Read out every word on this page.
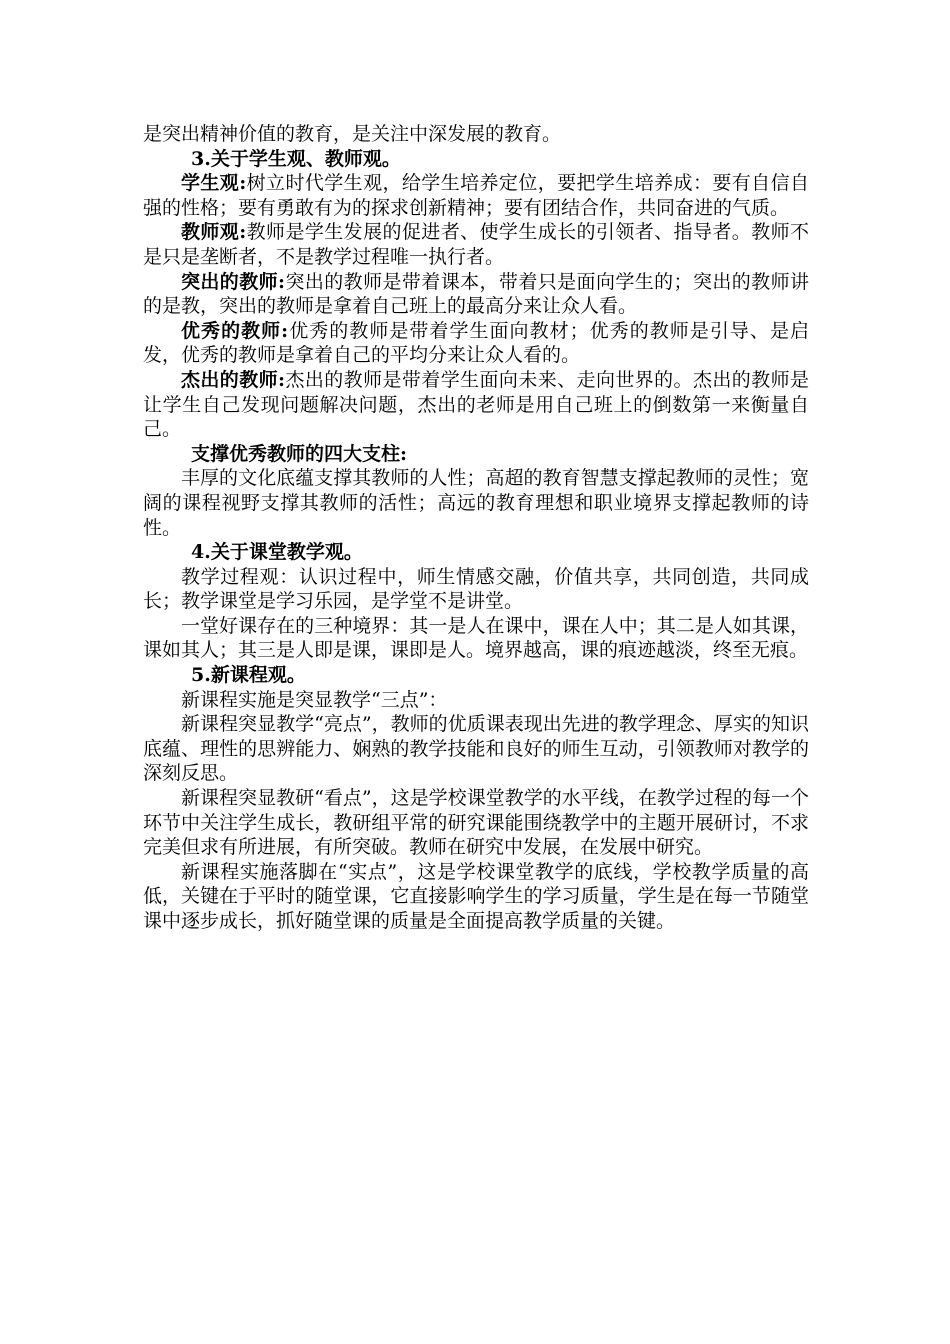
是突出精神价值的教育，是关注中深发展的教育。

3.关于学生观、教师观。

学生观:树立时代学生观，给学生培养定位，要把学生培养成：要有自信自强的性格；要有勇敢有为的探求创新精神；要有团结合作，共同奋进的气质。

教师观:教师是学生发展的促进者、使学生成长的引领者、指导者。教师不是只是垄断者，不是教学过程唯一执行者。

突出的教师:突出的教师是带着课本，带着只是面向学生的；突出的教师讲的是教，突出的教师是拿着自己班上的最高分来让众人看。

优秀的教师:优秀的教师是带着学生面向教材；优秀的教师是引导、是启发，优秀的教师是拿着自己的平均分来让众人看的。

杰出的教师:杰出的教师是带着学生面向未来、走向世界的。杰出的教师是让学生自己发现问题解决问题，杰出的老师是用自己班上的倒数第一来衡量自己。

支撑优秀教师的四大支柱:

丰厚的文化底蕴支撑其教师的人性；高超的教育智慧支撑起教师的灵性；宽阔的课程视野支撑其教师的活性；高远的教育理想和职业境界支撑起教师的诗性。

4.关于课堂教学观。

教学过程观：认识过程中，师生情感交融，价值共享，共同创造，共同成长；教学课堂是学习乐园，是学堂不是讲堂。

一堂好课存在的三种境界：其一是人在课中，课在人中；其二是人如其课，课如其人；其三是人即是课，课即是人。境界越高，课的痕迹越淡，终至无痕。

5.新课程观。

新课程实施是突显教学“三点”：

新课程突显教学“亮点”，教师的优质课表现出先进的教学理念、厚实的知识底蕴、理性的思辨能力、娴熟的教学技能和良好的师生互动，引领教师对教学的深刻反思。

新课程突显教研“看点”，这是学校课堂教学的水平线，在教学过程的每一个环节中关注学生成长，教研组平常的研究课能围绕教学中的主题开展研讨，不求完美但求有所进展，有所突破。教师在研究中发展，在发展中研究。

新课程实施落脚在“实点”，这是学校课堂教学的底线，学校教学质量的高低，关键在于平时的随堂课，它直接影响学生的学习质量，学生是在每一节随堂课中逐步成长，抓好随堂课的质量是全面提高教学质量的关键。
